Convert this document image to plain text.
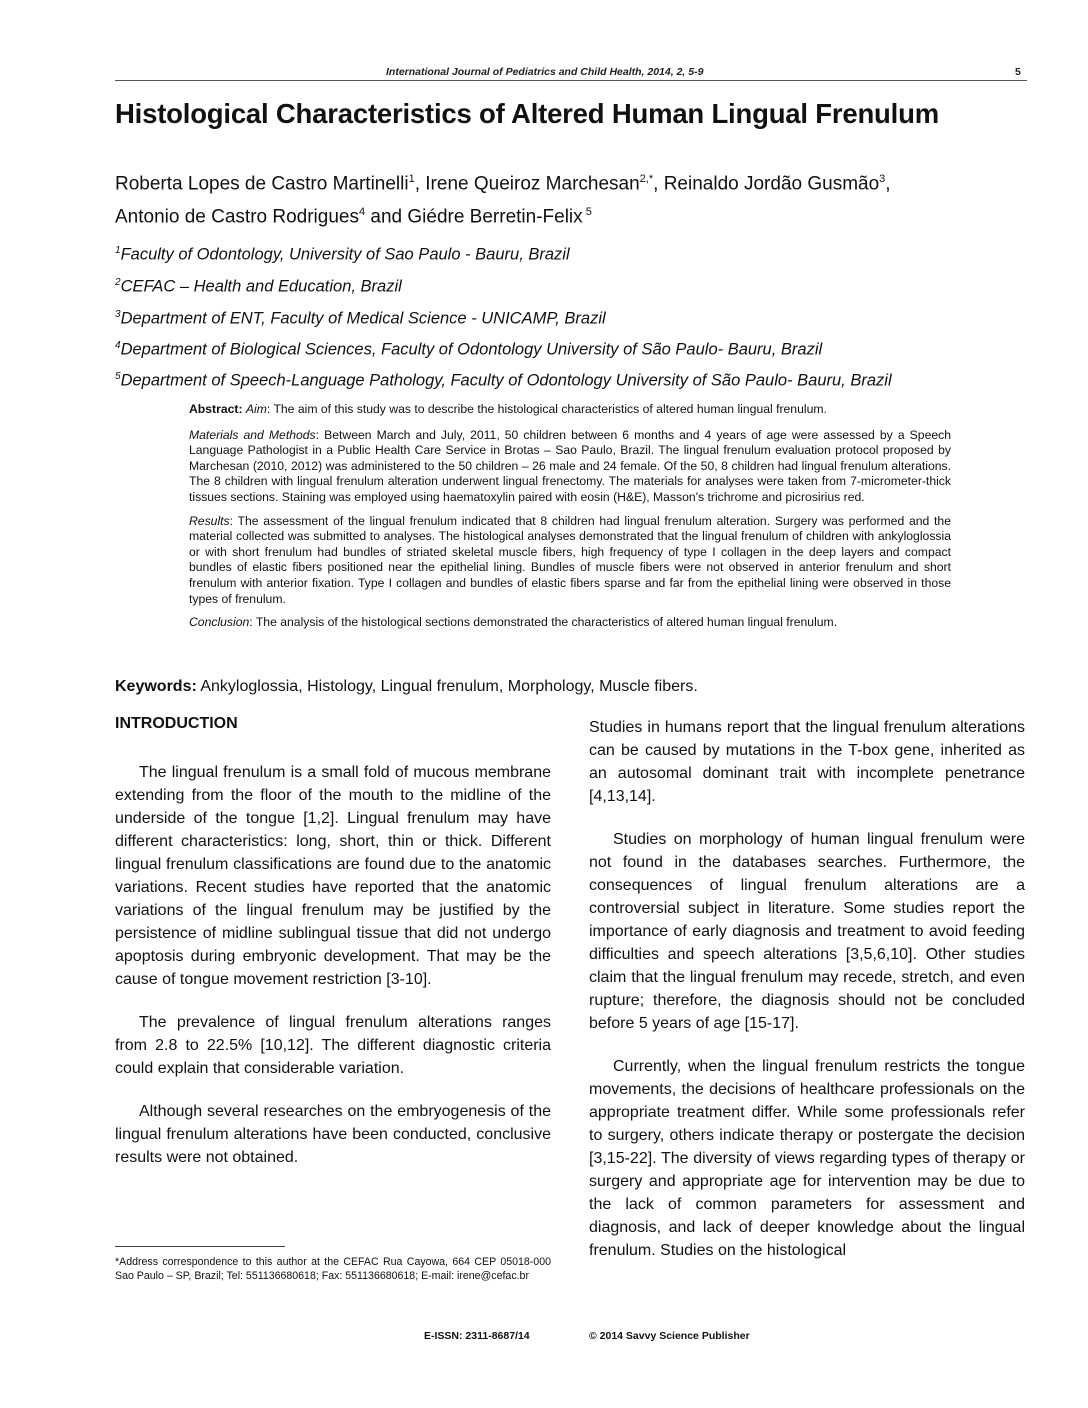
International Journal of Pediatrics and Child Health, 2014, 2, 5-9	5
Histological Characteristics of Altered Human Lingual Frenulum
Roberta Lopes de Castro Martinelli$^1$, Irene Queiroz Marchesan$^{2,*}$, Reinaldo Jordão Gusmão$^3$,
Antonio de Castro Rodrigues$^4$ and Giédre Berretin-Felix $^5$
$^1$Faculty of Odontology, University of Sao Paulo - Bauru, Brazil
$^2$CEFAC – Health and Education, Brazil
$^3$Department of ENT, Faculty of Medical Science - UNICAMP, Brazil
$^4$Department of Biological Sciences, Faculty of Odontology University of São Paulo- Bauru, Brazil
$^5$Department of Speech-Language Pathology, Faculty of Odontology University of São Paulo- Bauru, Brazil

Abstract: Aim: The aim of this study was to describe the histological characteristics of altered human lingual frenulum.

Materials and Methods: Between March and July, 2011, 50 children between 6 months and 4 years of age were assessed by a Speech Language Pathologist in a Public Health Care Service in Brotas – Sao Paulo, Brazil. The lingual frenulum evaluation protocol proposed by Marchesan (2010, 2012) was administered to the 50 children – 26 male and 24 female. Of the 50, 8 children had lingual frenulum alterations. The 8 children with lingual frenulum alteration underwent lingual frenectomy. The materials for analyses were taken from 7-micrometer-thick tissues sections. Staining was employed using haematoxylin paired with eosin (H&E), Masson's trichrome and picrosirius red.

Results: The assessment of the lingual frenulum indicated that 8 children had lingual frenulum alteration. Surgery was performed and the material collected was submitted to analyses. The histological analyses demonstrated that the lingual frenulum of children with ankyloglossia or with short frenulum had bundles of striated skeletal muscle fibers, high frequency of type I collagen in the deep layers and compact bundles of elastic fibers positioned near the epithelial lining. Bundles of muscle fibers were not observed in anterior frenulum and short frenulum with anterior fixation. Type I collagen and bundles of elastic fibers sparse and far from the epithelial lining were observed in those types of frenulum.

Conclusion: The analysis of the histological sections demonstrated the characteristics of altered human lingual frenulum.

Keywords: Ankyloglossia, Histology, Lingual frenulum, Morphology, Muscle fibers.
INTRODUCTION

The lingual frenulum is a small fold of mucous membrane extending from the floor of the mouth to the midline of the underside of the tongue [1,2]. Lingual frenulum may have different characteristics: long, short, thin or thick. Different lingual frenulum classifications are found due to the anatomic variations. Recent studies have reported that the anatomic variations of the lingual frenulum may be justified by the persistence of midline sublingual tissue that did not undergo apoptosis during embryonic development. That may be the cause of tongue movement restriction [3-10].

The prevalence of lingual frenulum alterations ranges from 2.8 to 22.5% [10,12]. The different diagnostic criteria could explain that considerable variation.

Although several researches on the embryogenesis of the lingual frenulum alterations have been conducted, conclusive results were not obtained.

Studies in humans report that the lingual frenulum alterations can be caused by mutations in the T-box gene, inherited as an autosomal dominant trait with incomplete penetrance [4,13,14].

Studies on morphology of human lingual frenulum were not found in the databases searches. Furthermore, the consequences of lingual frenulum alterations are a controversial subject in literature. Some studies report the importance of early diagnosis and treatment to avoid feeding difficulties and speech alterations [3,5,6,10]. Other studies claim that the lingual frenulum may recede, stretch, and even rupture; therefore, the diagnosis should not be concluded before 5 years of age [15-17].

Currently, when the lingual frenulum restricts the tongue movements, the decisions of healthcare professionals on the appropriate treatment differ. While some professionals refer to surgery, others indicate therapy or postergate the decision [3,15-22]. The diversity of views regarding types of therapy or surgery and appropriate age for intervention may be due to the lack of common parameters for assessment and diagnosis, and lack of deeper knowledge about the lingual frenulum. Studies on the histological

*Address correspondence to this author at the CEFAC Rua Cayowa, 664 CEP 05018-000 Sao Paulo – SP, Brazil; Tel: 551136680618; Fax: 551136680618; E-mail: irene@cefac.br
E-ISSN: 2311-8687/14	© 2014 Savvy Science Publisher
